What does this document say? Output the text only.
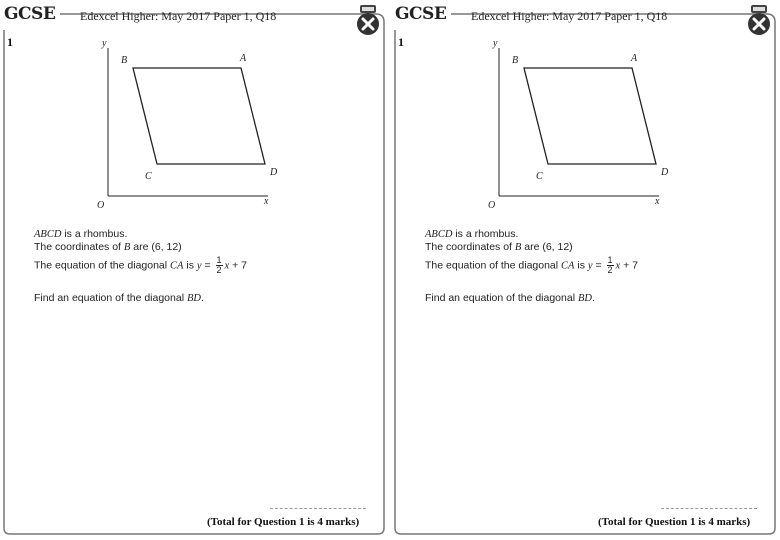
GCSE Edexcel Higher: May 2017 Paper 1, Q18
1	y
x
O
B	A
C	D
ABCD is a rhombus.
The coordinates of B are (6, 12)
The equation of the diagonal CA is $y = \frac{1}{2}$ x + 7
Find an equation of the diagonal BD.
(Total for Question 1 is 4 marks)
GCSE Edexcel Higher: May 2017 Paper 1, Q18
1	y
x
O
B	A
C	D
ABCD is a rhombus.
The coordinates of B are (6, 12)
The equation of the diagonal CA is $y = \frac{1}{2}$ x + 7
Find an equation of the diagonal BD.
(Total for Question 1 is 4 marks)
